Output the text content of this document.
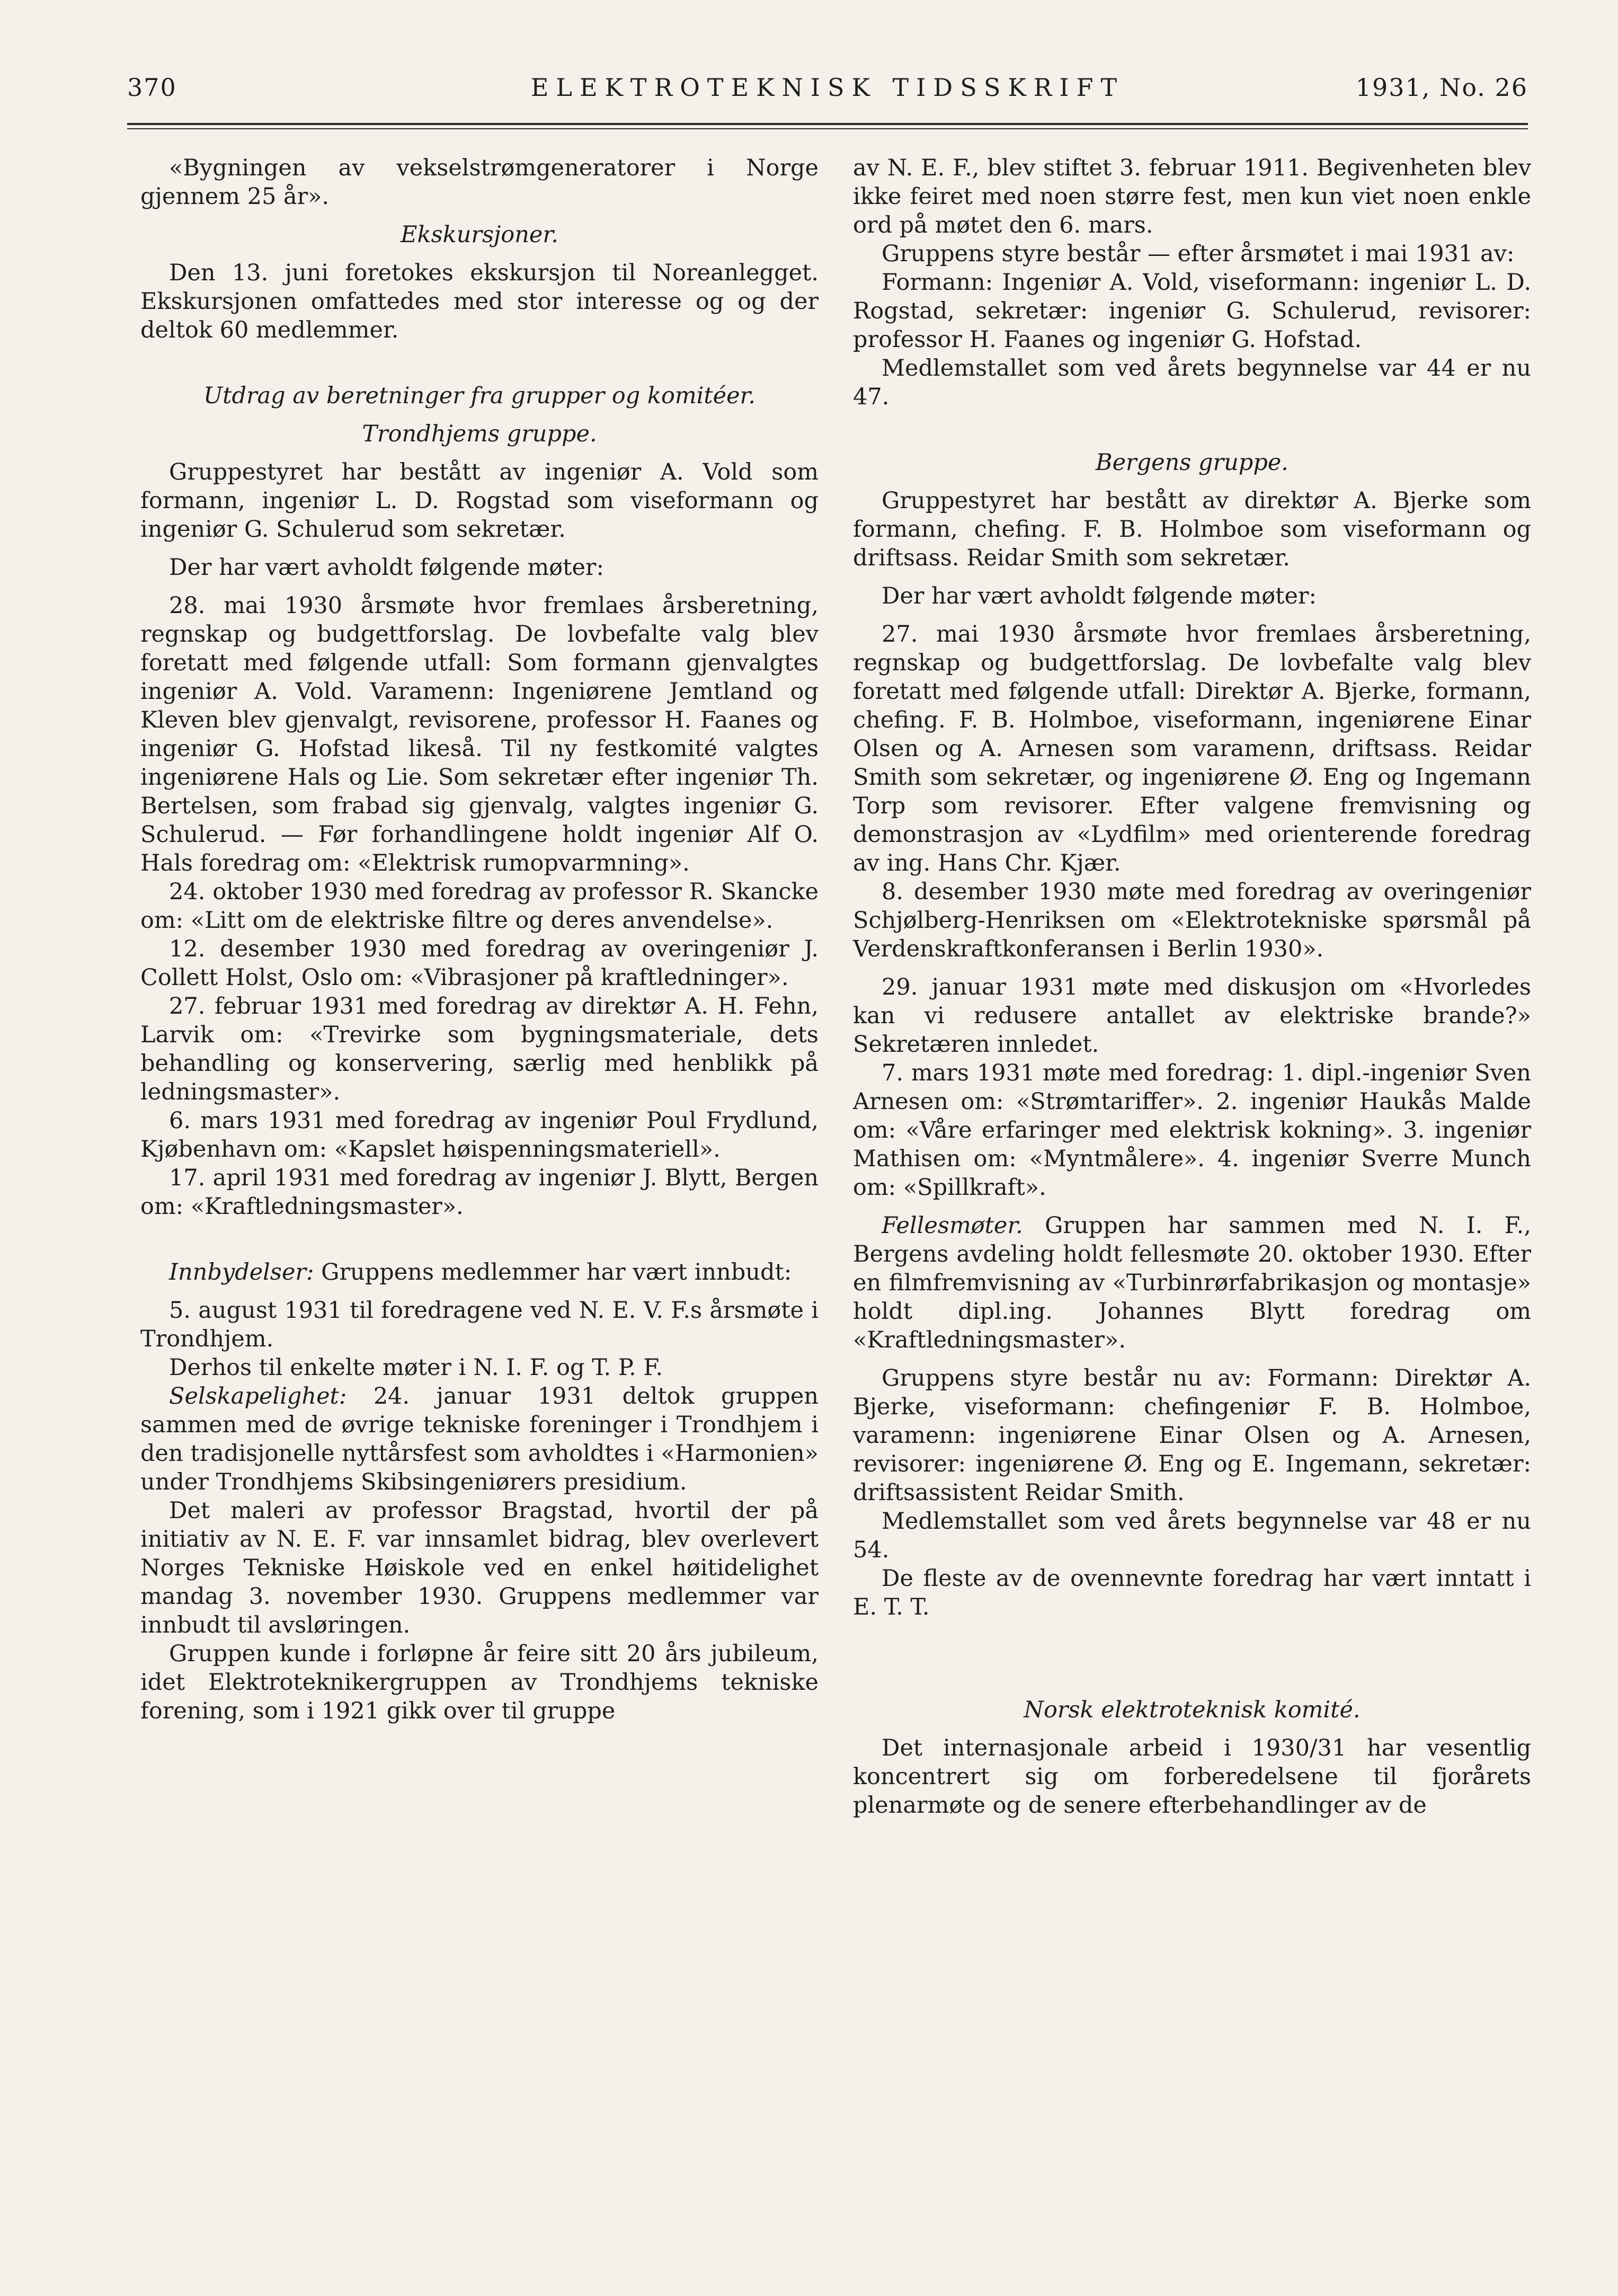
370	ELEKTROTEKNISK TIDSSKRIFT	1931, No. 26

«Bygningen av vekselstrømgeneratorer i Norge gjennem 25 år».

Ekskursjoner.

Den 13. juni foretokes ekskursjon til Noreanlegget. Ekskursjonen omfattedes med stor interesse og og der deltok 60 medlemmer.

Utdrag av beretninger fra grupper og komitéer.

Trondhjems gruppe.

Gruppestyret har bestått av ingeniør A. Vold som formann, ingeniør L. D. Rogstad som viseformann og ingeniør G. Schulerud som sekretær.

Der har vært avholdt følgende møter:

28. mai 1930 årsmøte hvor fremlaes årsberetning, regnskap og budgettforslag. De lovbefalte valg blev foretatt med følgende utfall: Som formann gjenvalgtes ingeniør A. Vold. Varamenn: Ingeniørene Jemtland og Kleven blev gjenvalgt, revisorene, professor H. Faanes og ingeniør G. Hofstad likeså. Til ny festkomité valgtes ingeniørene Hals og Lie. Som sekretær efter ingeniør Th. Bertelsen, som frabad sig gjenvalg, valgtes ingeniør G. Schulerud. — Før forhandlingene holdt ingeniør Alf O. Hals foredrag om: «Elektrisk rumopvarmning».

24. oktober 1930 med foredrag av professor R. Skancke om: «Litt om de elektriske filtre og deres anvendelse».

12. desember 1930 med foredrag av overingeniør J. Collett Holst, Oslo om: «Vibrasjoner på kraftledninger».

27. februar 1931 med foredrag av direktør A. H. Fehn, Larvik om: «Trevirke som bygningsmateriale, dets behandling og konservering, særlig med henblikk på ledningsmaster».

6. mars 1931 med foredrag av ingeniør Poul Frydlund, Kjøbenhavn om: «Kapslet høispenningsmateriell».

17. april 1931 med foredrag av ingeniør J. Blytt, Bergen om: «Kraftledningsmaster».

Innbydelser: Gruppens medlemmer har vært innbudt:

5. august 1931 til foredragene ved N. E. V. F.s årsmøte i Trondhjem.

Derhos til enkelte møter i N. I. F. og T. P. F.

Selskapelighet: 24. januar 1931 deltok gruppen sammen med de øvrige tekniske foreninger i Trondhjem i den tradisjonelle nyttårsfest som avholdtes i «Harmonien» under Trondhjems Skibsingeniørers presidium.

Det maleri av professor Bragstad, hvortil der på initiativ av N. E. F. var innsamlet bidrag, blev overlevert Norges Tekniske Høiskole ved en enkel høitidelighet mandag 3. november 1930. Gruppens medlemmer var innbudt til avsløringen.

Gruppen kunde i forløpne år feire sitt 20 års jubileum, idet Elektroteknikergruppen av Trondhjems tekniske forening, som i 1921 gikk over til gruppe

av N. E. F., blev stiftet 3. februar 1911. Begivenheten blev ikke feiret med noen større fest, men kun viet noen enkle ord på møtet den 6. mars.

Gruppens styre består — efter årsmøtet i mai 1931 av:

Formann: Ingeniør A. Vold, viseformann: ingeniør L. D. Rogstad, sekretær: ingeniør G. Schulerud, revisorer: professor H. Faanes og ingeniør G. Hofstad.

Medlemstallet som ved årets begynnelse var 44 er nu 47.

Bergens gruppe.

Gruppestyret har bestått av direktør A. Bjerke som formann, chefing. F. B. Holmboe som viseformann og driftsass. Reidar Smith som sekretær.

Der har vært avholdt følgende møter:

27. mai 1930 årsmøte hvor fremlaes årsberetning, regnskap og budgettforslag. De lovbefalte valg blev foretatt med følgende utfall: Direktør A. Bjerke, formann, chefing. F. B. Holmboe, viseformann, ingeniørene Einar Olsen og A. Arnesen som varamenn, driftsass. Reidar Smith som sekretær, og ingeniørene Ø. Eng og Ingemann Torp som revisorer. Efter valgene fremvisning og demonstrasjon av «Lydfilm» med orienterende foredrag av ing. Hans Chr. Kjær.

8. desember 1930 møte med foredrag av overingeniør Schjølberg-Henriksen om «Elektrotekniske spørsmål på Verdenskraftkonferansen i Berlin 1930».

29. januar 1931 møte med diskusjon om «Hvorledes kan vi redusere antallet av elektriske brande?» Sekretæren innledet.

7. mars 1931 møte med foredrag: 1. dipl.-ingeniør Sven Arnesen om: «Strømtariffer». 2. ingeniør Haukås Malde om: «Våre erfaringer med elektrisk kokning». 3. ingeniør Mathisen om: «Myntmålere». 4. ingeniør Sverre Munch om: «Spillkraft».

Fellesmøter. Gruppen har sammen med N. I. F., Bergens avdeling holdt fellesmøte 20. oktober 1930. Efter en filmfremvisning av «Turbinrørfabrikasjon og montasje» holdt dipl.ing. Johannes Blytt foredrag om «Kraftledningsmaster».

Gruppens styre består nu av: Formann: Direktør A. Bjerke, viseformann: chefingeniør F. B. Holmboe, varamenn: ingeniørene Einar Olsen og A. Arnesen, revisorer: ingeniørene Ø. Eng og E. Ingemann, sekretær: driftsassistent Reidar Smith.

Medlemstallet som ved årets begynnelse var 48 er nu 54.

De fleste av de ovennevnte foredrag har vært inntatt i E. T. T.

Norsk elektroteknisk komité.

Det internasjonale arbeid i 1930/31 har vesentlig koncentrert sig om forberedelsene til fjorårets plenarmøte og de senere efterbehandlinger av de
